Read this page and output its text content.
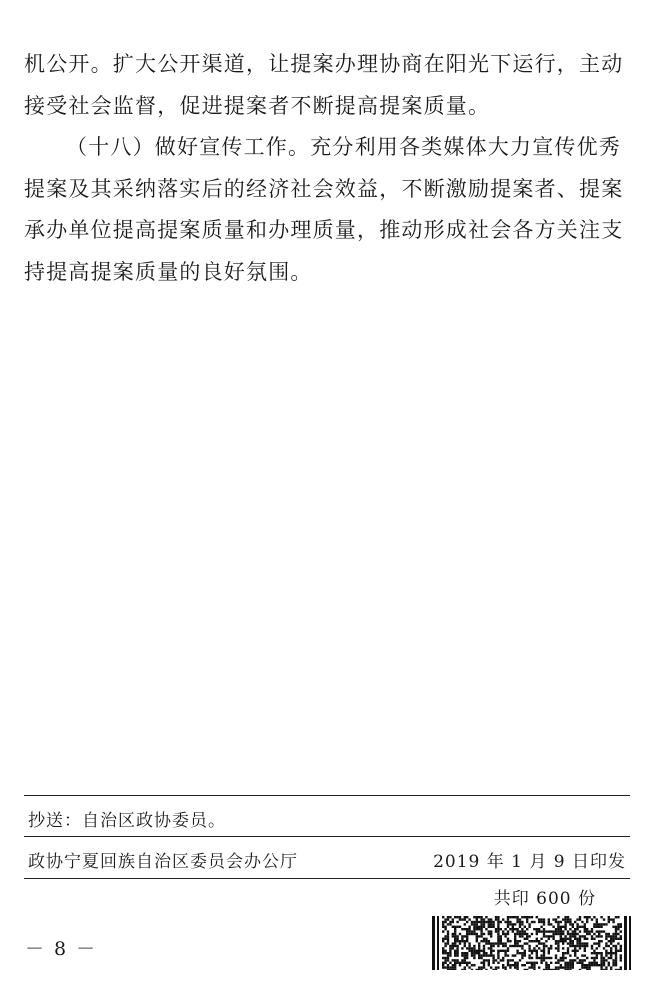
机公开。扩大公开渠道，让提案办理协商在阳光下运行，主动
接受社会监督，促进提案者不断提高提案质量。

（十八）做好宣传工作。充分利用各类媒体大力宣传优秀
提案及其采纳落实后的经济社会效益，不断激励提案者、提案
承办单位提高提案质量和办理质量，推动形成社会各方关注支
持提高提案质量的良好氛围。

抄送：自治区政协委员。
政协宁夏回族自治区委员会办公厅	2019 年 1 月 9 日印发
共印 600 份
－ 8 －
